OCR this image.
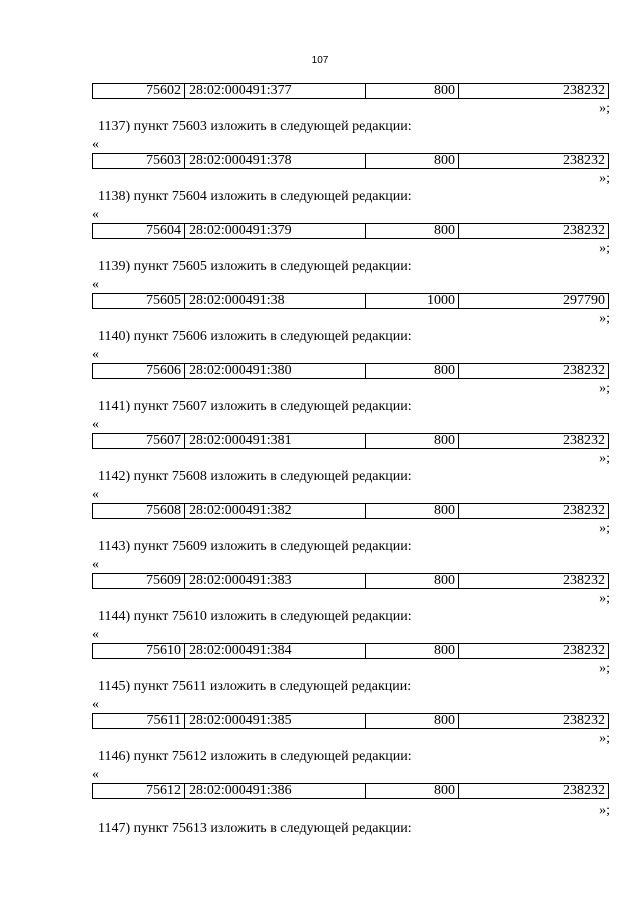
107
75602 28:02:000491:377	800	238232
»;
1137) пункт 75603 изложить в следующей редакции:
«
75603 28:02:000491:378	800	238232
»;
1138) пункт 75604 изложить в следующей редакции:
«
75604 28:02:000491:379	800	238232
»;
1139) пункт 75605 изложить в следующей редакции:
«
75605 28:02:000491:38	1000	297790
»;
1140) пункт 75606 изложить в следующей редакции:
«
75606 28:02:000491:380	800	238232
»;
1141) пункт 75607 изложить в следующей редакции:
«
75607 28:02:000491:381	800	238232
»;
1142) пункт 75608 изложить в следующей редакции:
«
75608 28:02:000491:382	800	238232
»;
1143) пункт 75609 изложить в следующей редакции:
«
75609 28:02:000491:383	800	238232
»;
1144) пункт 75610 изложить в следующей редакции:
«
75610 28:02:000491:384	800	238232
»;
1145) пункт 75611 изложить в следующей редакции:
«
75611 28:02:000491:385	800	238232
»;
1146) пункт 75612 изложить в следующей редакции:
«
75612 28:02:000491:386	800	238232
»;
1147) пункт 75613 изложить в следующей редакции:
